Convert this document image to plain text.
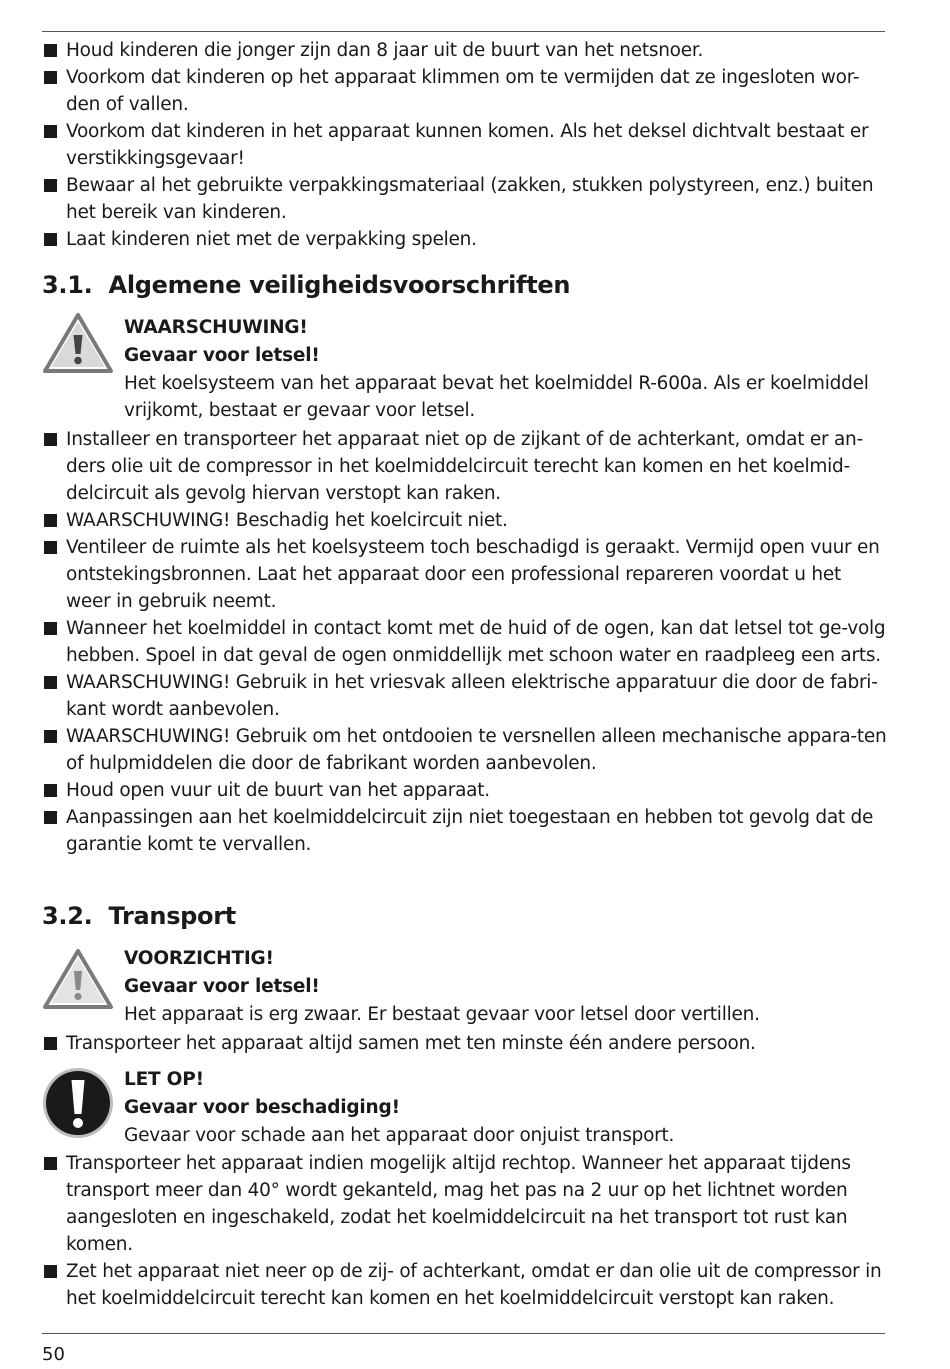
Houd kinderen die jonger zijn dan 8 jaar uit de buurt van het netsnoer.
Voorkom dat kinderen op het apparaat klimmen om te vermijden dat ze ingesloten wor-den of vallen.
Voorkom dat kinderen in het apparaat kunnen komen. Als het deksel dichtvalt bestaat er verstikkingsgevaar!
Bewaar al het gebruikte verpakkingsmateriaal (zakken, stukken polystyreen, enz.) buiten het bereik van kinderen.
Laat kinderen niet met de verpakking spelen.
3.1.  Algemene veiligheidsvoorschriften
WAARSCHUWING!
Gevaar voor letsel!
Het koelsysteem van het apparaat bevat het koelmiddel R-600a. Als er koelmiddel vrijkomt, bestaat er gevaar voor letsel.
Installeer en transporteer het apparaat niet op de zijkant of de achterkant, omdat er an-ders olie uit de compressor in het koelmiddelcircuit terecht kan komen en het koelmid-delcircuit als gevolg hiervan verstopt kan raken.
WAARSCHUWING! Beschadig het koelcircuit niet.
Ventileer de ruimte als het koelsysteem toch beschadigd is geraakt. Vermijd open vuur en ontstekingsbronnen. Laat het apparaat door een professional repareren voordat u het weer in gebruik neemt.
Wanneer het koelmiddel in contact komt met de huid of de ogen, kan dat letsel tot ge-volg hebben. Spoel in dat geval de ogen onmiddellijk met schoon water en raadpleeg een arts.
WAARSCHUWING! Gebruik in het vriesvak alleen elektrische apparatuur die door de fabri-kant wordt aanbevolen.
WAARSCHUWING! Gebruik om het ontdooien te versnellen alleen mechanische appara-ten of hulpmiddelen die door de fabrikant worden aanbevolen.
Houd open vuur uit de buurt van het apparaat.
Aanpassingen aan het koelmiddelcircuit zijn niet toegestaan en hebben tot gevolg dat de garantie komt te vervallen.
3.2.  Transport
VOORZICHTIG!
Gevaar voor letsel!
Het apparaat is erg zwaar. Er bestaat gevaar voor letsel door vertillen.
Transporteer het apparaat altijd samen met ten minste één andere persoon.
LET OP!
Gevaar voor beschadiging!
Gevaar voor schade aan het apparaat door onjuist transport.
Transporteer het apparaat indien mogelijk altijd rechtop. Wanneer het apparaat tijdens transport meer dan 40° wordt gekanteld, mag het pas na 2 uur op het lichtnet worden aangesloten en ingeschakeld, zodat het koelmiddelcircuit na het transport tot rust kan komen.
Zet het apparaat niet neer op de zij- of achterkant, omdat er dan olie uit de compressor in het koelmiddelcircuit terecht kan komen en het koelmiddelcircuit verstopt kan raken.
50
